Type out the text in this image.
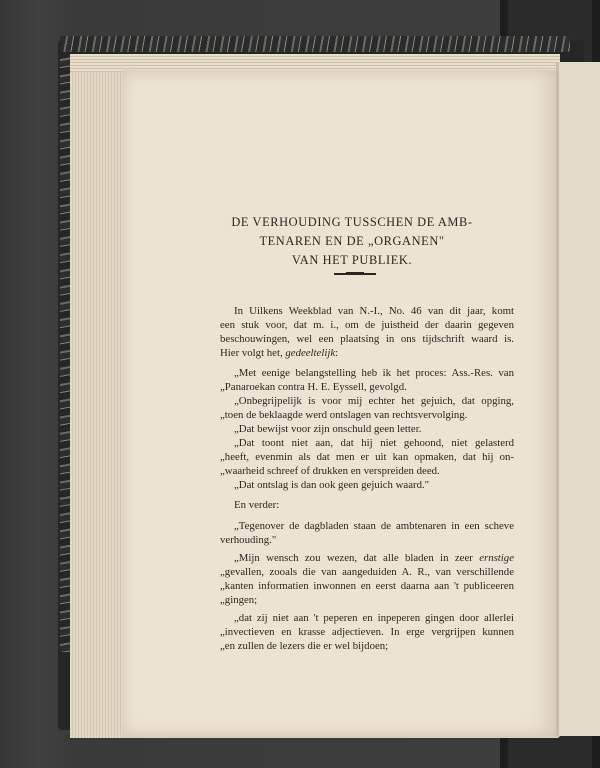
DE VERHOUDING TUSSCHEN DE AMB-
TENAREN EN DE „ORGANEN"
VAN HET PUBLIEK.

In Uilkens Weekblad van N.-I., No. 46 van dit jaar, komt

een stuk voor, dat m. i., om de juistheid der daarin gegeven

beschouwingen, wel een plaatsing in ons tijdschrift waard is.

Hier volgt het, gedeeltelijk:

„Met eenige belangstelling heb ik het proces: Ass.-Res. van

„Panaroekan contra H. E. Eyssell, gevolgd.

„Onbegrijpelijk is voor mij echter het gejuich, dat opging,

„toen de beklaagde werd ontslagen van rechtsvervolging.

„Dat bewijst voor zijn onschuld geen letter.

„Dat toont niet aan, dat hij niet gehoond, niet gelasterd

„heeft, evenmin als dat men er uit kan opmaken, dat hij on-

„waarheid schreef of drukken en verspreiden deed.

„Dat ontslag is dan ook geen gejuich waard."

En verder:

„Tegenover de dagbladen staan de ambtenaren in een scheve

verhouding."

„Mijn wensch zou wezen, dat alle bladen in zeer ernstige

„gevallen, zooals die van aangeduiden A. R., van verschillende

„kanten informatien inwonnen en eerst daarna aan 't publiceeren

„gingen;

„dat zij niet aan 't peperen en inpeperen gingen door allerlei

„invectieven en krasse adjectieven. In erge vergrijpen kunnen

„en zullen de lezers die er wel bijdoen;
